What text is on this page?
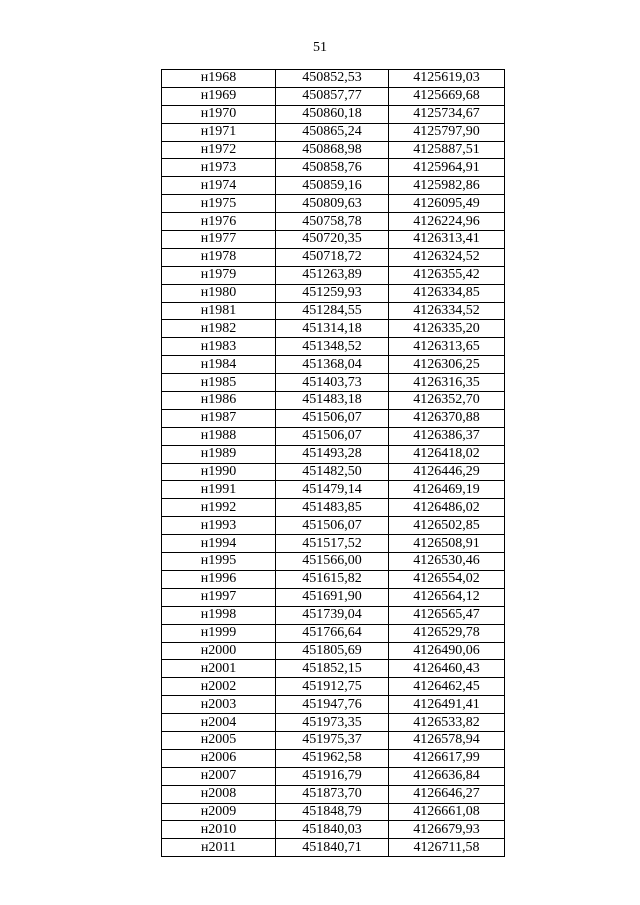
51
н1968	450852,53	4125619,03
н1969	450857,77	4125669,68
н1970	450860,18	4125734,67
н1971	450865,24	4125797,90
н1972	450868,98	4125887,51
н1973	450858,76	4125964,91
н1974	450859,16	4125982,86
н1975	450809,63	4126095,49
н1976	450758,78	4126224,96
н1977	450720,35	4126313,41
н1978	450718,72	4126324,52
н1979	451263,89	4126355,42
н1980	451259,93	4126334,85
н1981	451284,55	4126334,52
н1982	451314,18	4126335,20
н1983	451348,52	4126313,65
н1984	451368,04	4126306,25
н1985	451403,73	4126316,35
н1986	451483,18	4126352,70
н1987	451506,07	4126370,88
н1988	451506,07	4126386,37
н1989	451493,28	4126418,02
н1990	451482,50	4126446,29
н1991	451479,14	4126469,19
н1992	451483,85	4126486,02
н1993	451506,07	4126502,85
н1994	451517,52	4126508,91
н1995	451566,00	4126530,46
н1996	451615,82	4126554,02
н1997	451691,90	4126564,12
н1998	451739,04	4126565,47
н1999	451766,64	4126529,78
н2000	451805,69	4126490,06
н2001	451852,15	4126460,43
н2002	451912,75	4126462,45
н2003	451947,76	4126491,41
н2004	451973,35	4126533,82
н2005	451975,37	4126578,94
н2006	451962,58	4126617,99
н2007	451916,79	4126636,84
н2008	451873,70	4126646,27
н2009	451848,79	4126661,08
н2010	451840,03	4126679,93
н2011	451840,71	4126711,58
